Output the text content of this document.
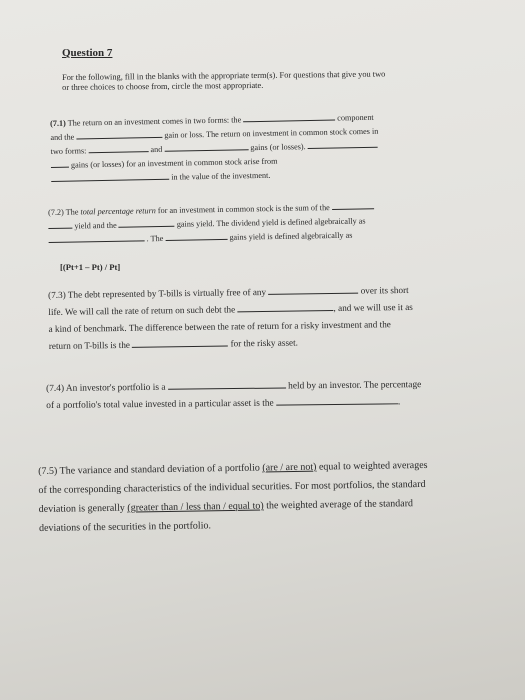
Question 7
For the following, fill in the blanks with the appropriate term(s). For questions that give you two
or three choices to choose from, circle the most appropriate.
(7.1) The return on an investment comes in two forms: the	component
and the	gain or loss. The return on investment in common stock comes in
two forms:	and	gains (or losses).
gains (or losses) for an investment in common stock arise from
in the value of the investment.
(7.2) The total percentage return for an investment in common stock is the sum of the
yield and the	gains yield. The dividend yield is defined algebraically as
. The	gains yield is defined algebraically as
[(Pt+1 – Pt) / Pt]
(7.3) The debt represented by T-bills is virtually free of any	over its short
life. We will call the rate of return on such debt the	, and we will use it as
a kind of benchmark. The difference between the rate of return for a risky investment and the
return on T-bills is the	for the risky asset.
(7.4) An investor's portfolio is a	held by an investor. The percentage
of a portfolio's total value invested in a particular asset is the	.
(7.5) The variance and standard deviation of a portfolio (are / are not) equal to weighted averages
of the corresponding characteristics of the individual securities. For most portfolios, the standard
deviation is generally (greater than / less than / equal to) the weighted average of the standard
deviations of the securities in the portfolio.
